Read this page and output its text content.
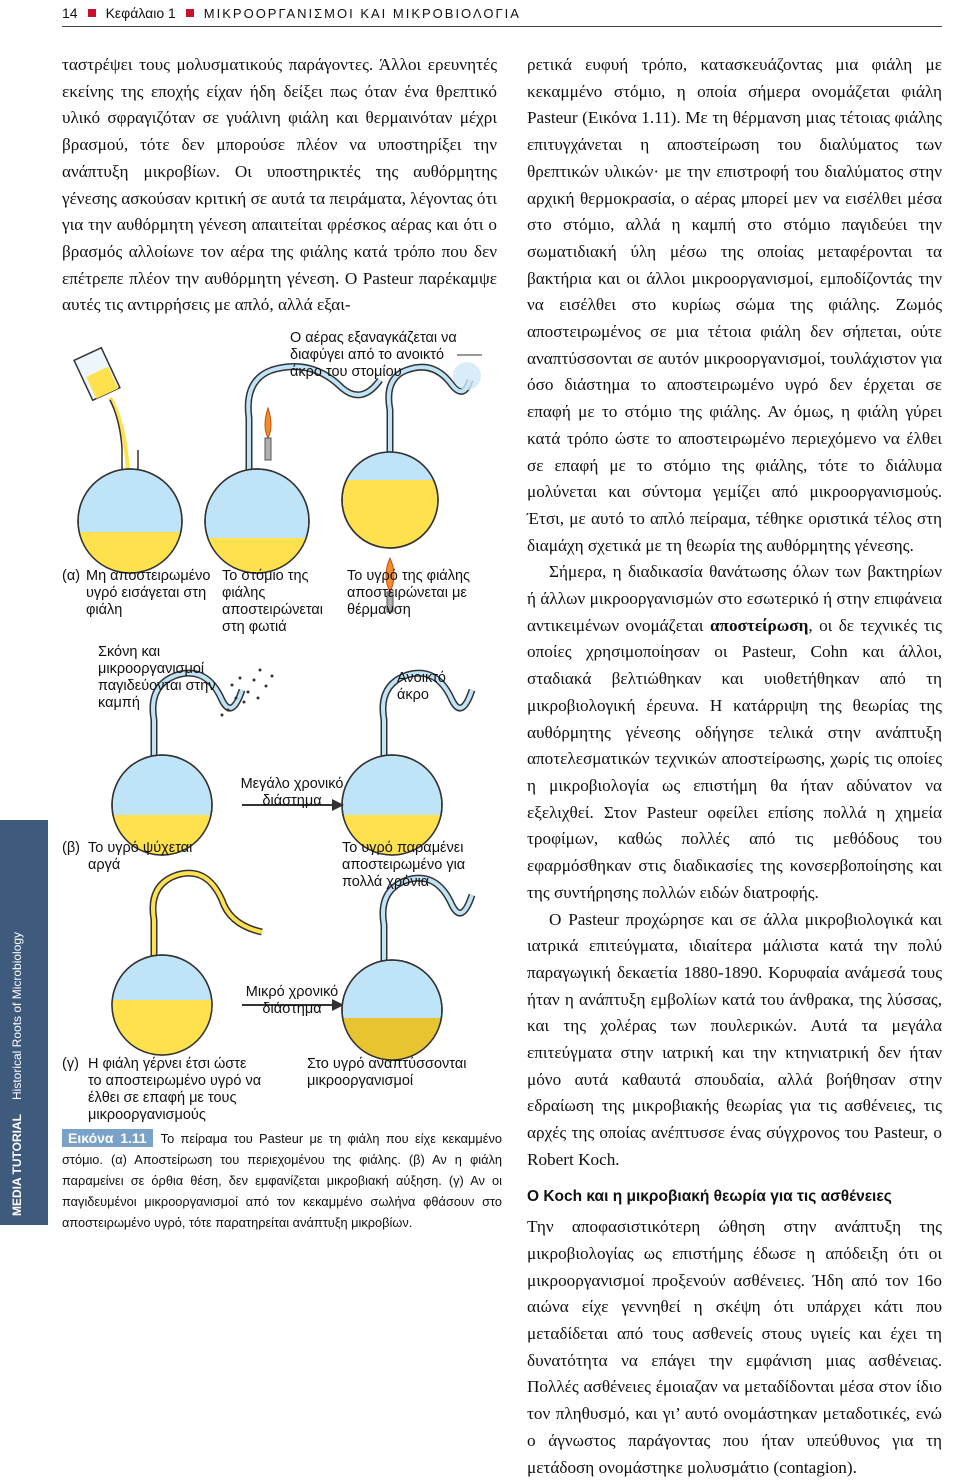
14 Κεφάλαιο 1 ΜΙΚΡΟΟΡΓΑΝΙΣΜΟΙ ΚΑΙ ΜΙΚΡΟΒΙΟΛΟΓΙΑ

ταστρέψει τους μολυσματικούς παράγοντες. Άλλοι ερευνητές εκείνης της εποχής είχαν ήδη δείξει πως όταν ένα θρεπτικό υλικό σφραγιζόταν σε γυάλινη φιάλη και θερμαινόταν μέχρι βρασμού, τότε δεν μπορούσε πλέον να υποστηρίξει την ανάπτυξη μικροβίων. Οι υποστηρικτές της αυθόρμητης γένεσης ασκούσαν κριτική σε αυτά τα πειράματα, λέγοντας ότι για την αυθόρμητη γένεση απαιτείται φρέσκος αέρας και ότι ο βρασμός αλλοίωνε τον αέρα της φιάλης κατά τρόπο που δεν επέτρεπε πλέον την αυθόρμητη γένεση. Ο Pasteur παρέκαμψε αυτές τις αντιρρήσεις με απλό, αλλά εξαι-

Ο αέρας εξαναγκάζεται να διαφύγει από το ανοικτό άκρο του στομίου
(α) Μη αποστειρωμένο υγρό εισάγεται στη φιάλη
Το στόμιο της φιάλης αποστειρώνεται στη φωτιά
Το υγρό της φιάλης αποστειρώνεται με θέρμανση
Σκόνη και μικροοργανισμοί παγιδεύονται στην καμπή
Ανοικτό άκρο
Μεγάλο χρονικό διάστημα
(β) Το υγρό ψύχεται αργά
Το υγρό παραμένει αποστειρωμένο για πολλά χρόνια
Μικρό χρονικό διάστημα
(γ) Η φιάλη γέρνει έτσι ώστε το αποστειρωμένο υγρό να έλθει σε επαφή με τους μικροοργανισμούς
Στο υγρό αναπτύσσονται μικροοργανισμοί
Εικόνα 1.11 Το πείραμα του Pasteur με τη φιάλη που είχε κεκαμμένο στόμιο. (α) Αποστείρωση του περιεχομένου της φιάλης. (β) Αν η φιάλη παραμείνει σε όρθια θέση, δεν εμφανίζεται μικροβιακή αύξηση. (γ) Αν οι παγιδευμένοι μικροοργανισμοί από τον κεκαμμένο σωλήνα φθάσουν στο αποστειρωμένο υγρό, τότε παρατηρείται ανάπτυξη μικροβίων.

ρετικά ευφυή τρόπο, κατασκευάζοντας μια φιάλη με κεκαμμένο στόμιο, η οποία σήμερα ονομάζεται φιάλη Pasteur (Εικόνα 1.11). Με τη θέρμανση μιας τέτοιας φιάλης επιτυγχάνεται η αποστείρωση του διαλύματος των θρεπτικών υλικών· με την επιστροφή του διαλύματος στην αρχική θερμοκρασία, ο αέρας μπορεί μεν να εισέλθει μέσα στο στόμιο, αλλά η καμπή στο στόμιο παγιδεύει την σωματιδιακή ύλη μέσω της οποίας μεταφέρονται τα βακτήρια και οι άλλοι μικροοργανισμοί, εμποδίζοντάς την να εισέλθει στο κυρίως σώμα της φιάλης. Ζωμός αποστειρωμένος σε μια τέτοια φιάλη δεν σήπεται, ούτε αναπτύσσονται σε αυτόν μικροοργανισμοί, τουλάχιστον για όσο διάστημα το αποστειρωμένο υγρό δεν έρχεται σε επαφή με το στόμιο της φιάλης. Αν όμως, η φιάλη γύρει κατά τρόπο ώστε το αποστειρωμένο περιεχόμενο να έλθει σε επαφή με το στόμιο της φιάλης, τότε το διάλυμα μολύνεται και σύντομα γεμίζει από μικροοργανισμούς. Έτσι, με αυτό το απλό πείραμα, τέθηκε οριστικά τέλος στη διαμάχη σχετικά με τη θεωρία της αυθόρμητης γένεσης.

Σήμερα, η διαδικασία θανάτωσης όλων των βακτηρίων ή άλλων μικροοργανισμών στο εσωτερικό ή στην επιφάνεια αντικειμένων ονομάζεται αποστείρωση, οι δε τεχνικές τις οποίες χρησιμοποίησαν οι Pasteur, Cohn και άλλοι, σταδιακά βελτιώθηκαν και υιοθετήθηκαν από τη μικροβιολογική έρευνα. Η κατάρριψη της θεωρίας της αυθόρμητης γένεσης οδήγησε τελικά στην ανάπτυξη αποτελεσματικών τεχνικών αποστείρωσης, χωρίς τις οποίες η μικροβιολογία ως επιστήμη θα ήταν αδύνατον να εξελιχθεί. Στον Pasteur οφείλει επίσης πολλά η χημεία τροφίμων, καθώς πολλές από τις μεθόδους του εφαρμόσθηκαν στις διαδικασίες της κονσερβοποίησης και της συντήρησης πολλών ειδών διατροφής.

Ο Pasteur προχώρησε και σε άλλα μικροβιολογικά και ιατρικά επιτεύγματα, ιδιαίτερα μάλιστα κατά την πολύ παραγωγική δεκαετία 1880-1890. Κορυφαία ανάμεσά τους ήταν η ανάπτυξη εμβολίων κατά του άνθρακα, της λύσσας, και της χολέρας των πουλερικών. Αυτά τα μεγάλα επιτεύγματα στην ιατρική και την κτηνιατρική δεν ήταν μόνο αυτά καθαυτά σπουδαία, αλλά βοήθησαν στην εδραίωση της μικροβιακής θεωρίας για τις ασθένειες, τις αρχές της οποίας ανέπτυσσε ένας σύγχρονος του Pasteur, ο Robert Koch.

Ο Koch και η μικροβιακή θεωρία για τις ασθένειες

Την αποφασιστικότερη ώθηση στην ανάπτυξη της μικροβιολογίας ως επιστήμης έδωσε η απόδειξη ότι οι μικροοργανισμοί προξενούν ασθένειες. Ήδη από τον 16ο αιώνα είχε γεννηθεί η σκέψη ότι υπάρχει κάτι που μεταδίδεται από τους ασθενείς στους υγιείς και έχει τη δυνατότητα να επάγει την εμφάνιση μιας ασθένειας. Πολλές ασθένειες έμοιαζαν να μεταδίδονται μέσα στον ίδιο τον πληθυσμό, και γι’ αυτό ονομάστηκαν μεταδοτικές, ενώ ο άγνωστος παράγοντας που ήταν υπεύθυνος για τη μετάδοση ονομάστηκε μολυσμάτιο (contagion).

MEDIA TUTORIALHistorical Roots of Microbiology
